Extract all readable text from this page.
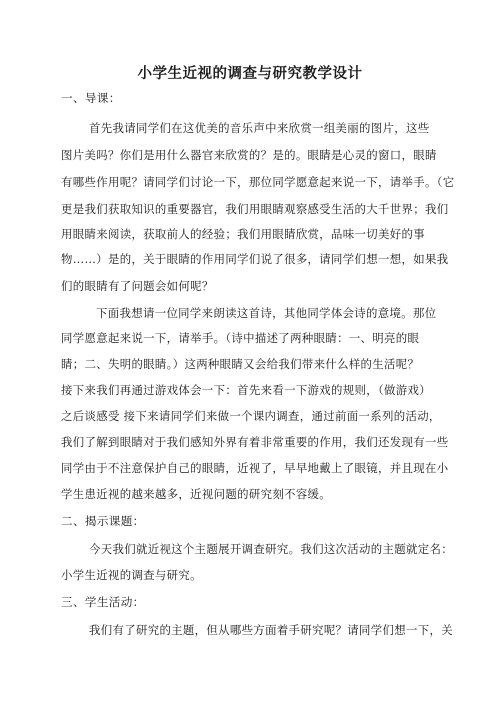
小学生近视的调查与研究教学设计
一、导课：
首先我请同学们在这优美的音乐声中来欣赏一组美丽的图片，这些
图片美吗？你们是用什么器官来欣赏的？是的。眼睛是心灵的窗口，眼睛
有哪些作用呢？请同学们讨论一下，那位同学愿意起来说一下，请举手。（它
更是我们获取知识的重要器官，我们用眼睛观察感受生活的大千世界；我们
用眼睛来阅读，获取前人的经验；我们用眼睛欣赏，品味一切美好的事
物……）是的，关于眼睛的作用同学们说了很多，请同学们想一想，如果我
们的眼睛有了问题会如何呢？
下面我想请一位同学来朗读这首诗，其他同学体会诗的意境。那位
同学愿意起来说一下，请举手。（诗中描述了两种眼睛：一、明亮的眼
睛；二、失明的眼睛。）这两种眼睛又会给我们带来什么样的生活呢？
接下来我们再通过游戏体会一下：首先来看一下游戏的规则，（做游戏）
之后谈感受 接下来请同学们来做一个课内调查，通过前面一系列的活动，
我们了解到眼睛对于我们感知外界有着非常重要的作用，我们还发现有一些
同学由于不注意保护自己的眼睛，近视了，早早地戴上了眼镜，并且现在小
学生患近视的越来越多，近视问题的研究刻不容缓。
二、揭示课题：
今天我们就近视这个主题展开调查研究。我们这次活动的主题就定名：
小学生近视的调查与研究。
三、学生活动：
我们有了研究的主题，但从哪些方面着手研究呢？请同学们想一下，关
